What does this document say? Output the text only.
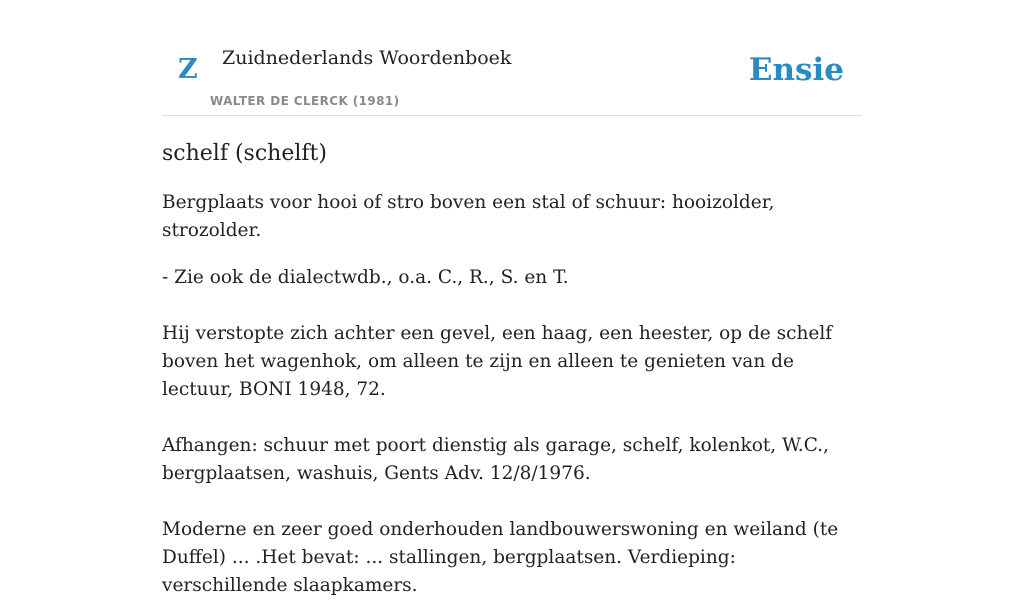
Z Zuidnederlands Woordenboek
WALTER DE CLERCK (1981)
Ensie
schelf (schelft)

Bergplaats voor hooi of stro boven een stal of schuur: hooizolder, strozolder.

- Zie ook de dialectwdb., o.a. C., R., S. en T.

Hij verstopte zich achter een gevel, een haag, een heester, op de schelf boven het wagenhok, om alleen te zijn en alleen te genieten van de lectuur, BONI 1948, 72.

Afhangen: schuur met poort dienstig als garage, schelf, kolenkot, W.C., bergplaatsen, washuis, Gents Adv. 12/8/1976.

Moderne en zeer goed onderhouden landbouwerswoning en weiland (te Duffel) ... .Het bevat: ... stallingen, bergplaatsen. Verdieping: verschillende slaapkamers.
